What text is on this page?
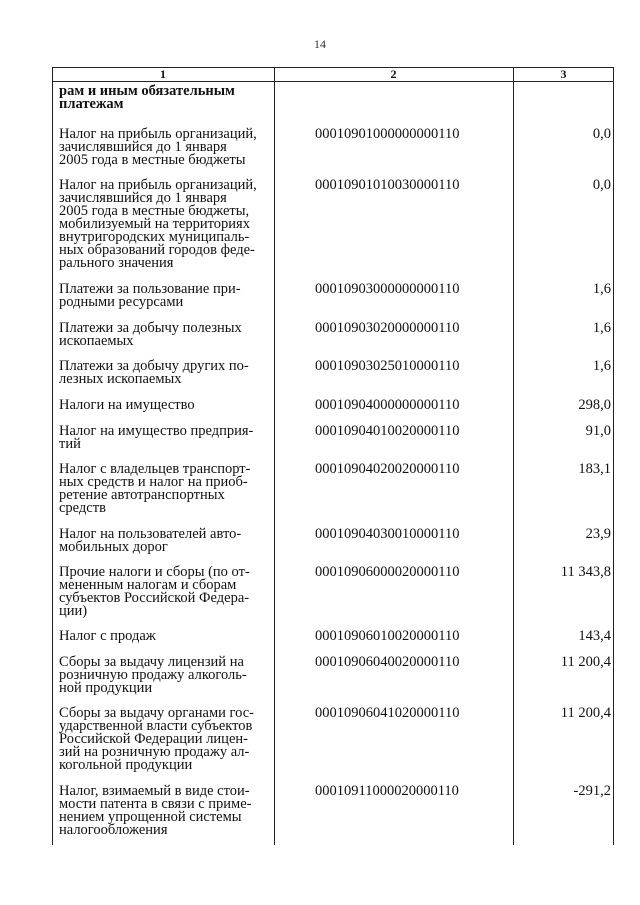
14
1	2	3
рам и иным обязательным
платежам
Налог на прибыль организаций,
зачислявшийся до 1 января
2005 года в местные бюджеты
00010901000000000110	0,0
Налог на прибыль организаций,
зачислявшийся до 1 января
2005 года в местные бюджеты,
мобилизуемый на территориях
внутригородских муниципаль-
ных образований городов феде-
рального значения
00010901010030000110	0,0
Платежи за пользование при-
родными ресурсами
00010903000000000110	1,6
Платежи за добычу полезных
ископаемых
00010903020000000110	1,6
Платежи за добычу других по-
лезных ископаемых
00010903025010000110	1,6
Налоги на имущество	00010904000000000110	298,0
Налог на имущество предприя-
тий
00010904010020000110	91,0
Налог с владельцев транспорт-
ных средств и налог на приоб-
ретение автотранспортных
средств
00010904020020000110	183,1
Налог на пользователей авто-
мобильных дорог
00010904030010000110	23,9
Прочие налоги и сборы (по от-
мененным налогам и сборам
субъектов Российской Федера-
ции)
00010906000020000110	11 343,8
Налог с продаж	00010906010020000110	143,4
Сборы за выдачу лицензий на
розничную продажу алкоголь-
ной продукции
00010906040020000110	11 200,4
Сборы за выдачу органами гос-
ударственной власти субъектов
Российской Федерации лицен-
зий на розничную продажу ал-
когольной продукции
00010906041020000110	11 200,4
Налог, взимаемый в виде стои-
мости патента в связи с приме-
нением упрощенной системы
налогообложения
00010911000020000110	-291,2
